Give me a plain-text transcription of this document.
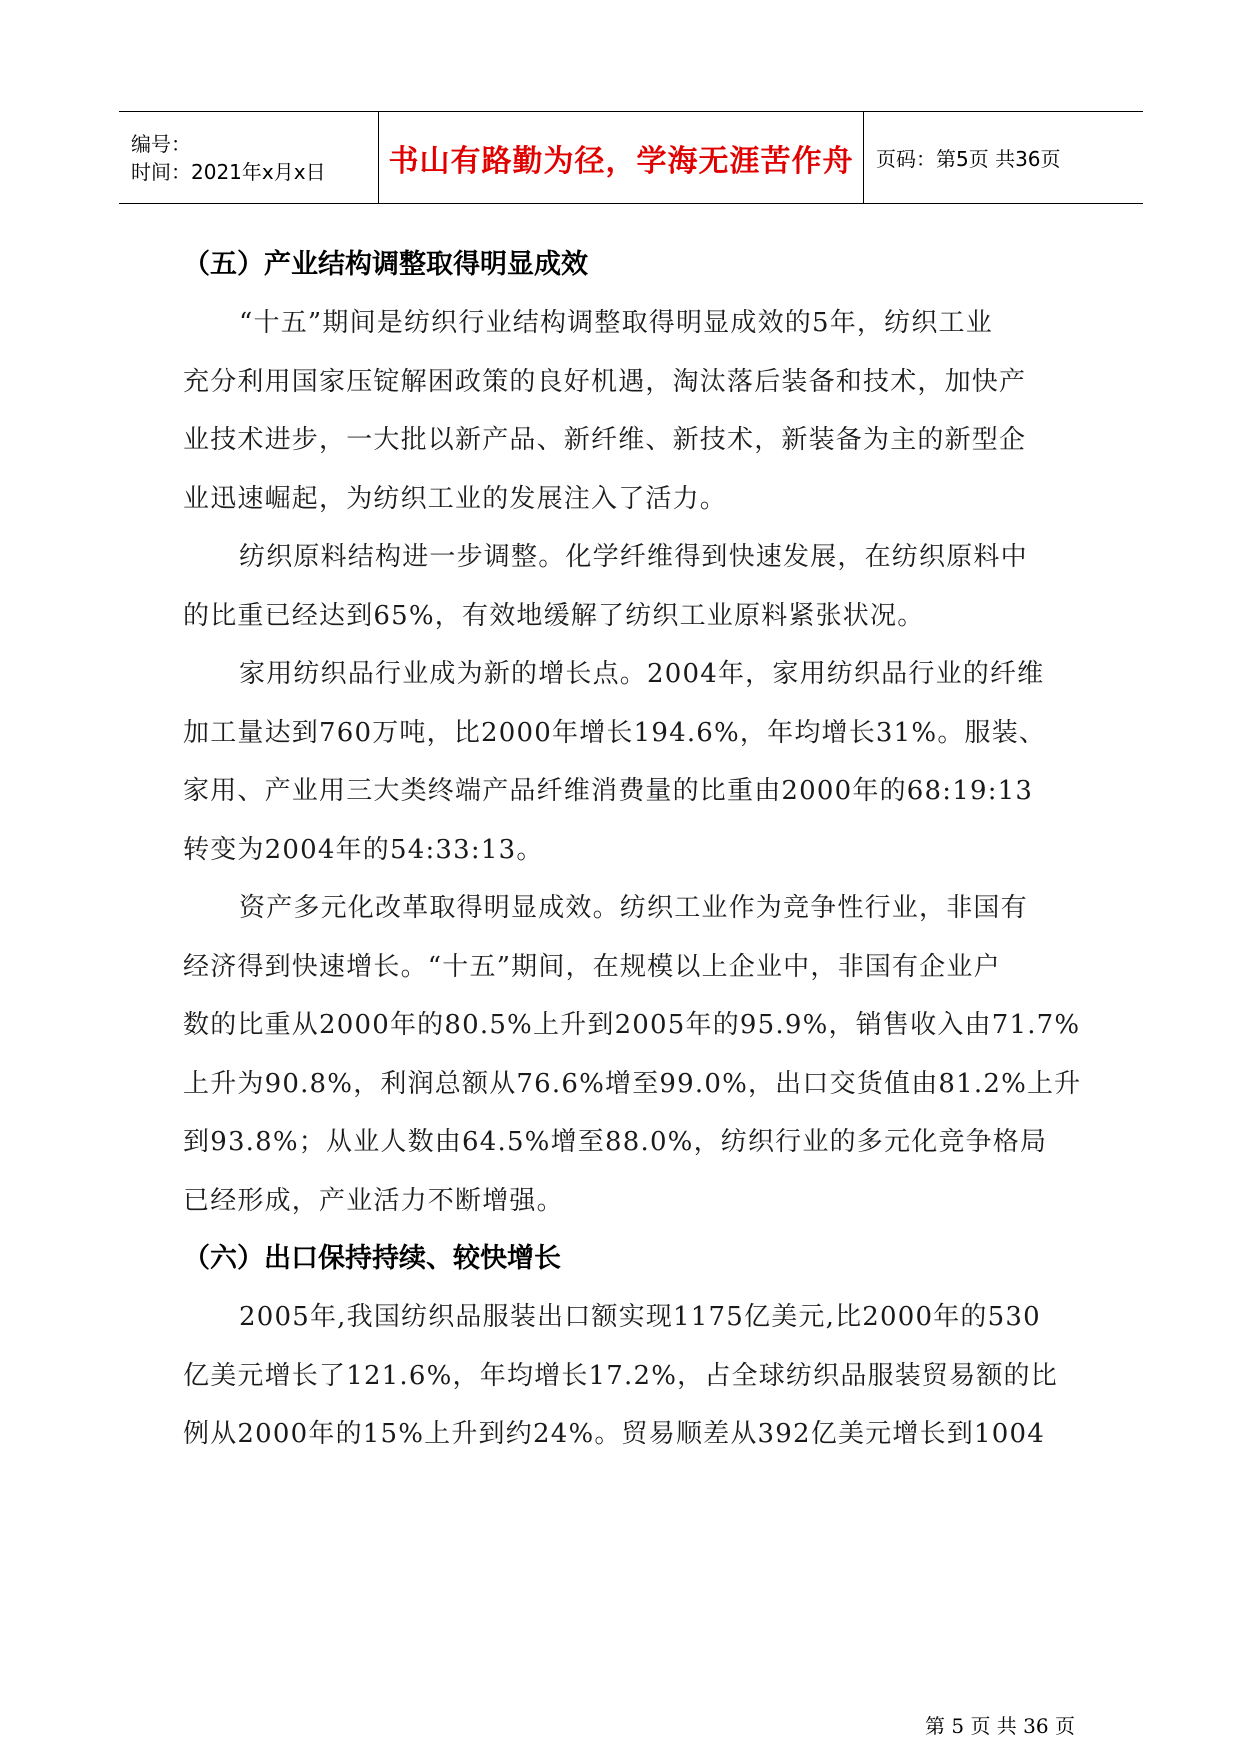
编号：
时间：2021年x月x日	书山有路勤为径，学海无涯苦作舟 页码：第5页 共36页
（五）产业结构调整取得明显成效
“十五”期间是纺织行业结构调整取得明显成效的5年，纺织工业
充分利用国家压锭解困政策的良好机遇，淘汰落后装备和技术，加快产
业技术进步，一大批以新产品、新纤维、新技术，新装备为主的新型企
业迅速崛起，为纺织工业的发展注入了活力。
纺织原料结构进一步调整。化学纤维得到快速发展，在纺织原料中
的比重已经达到65%，有效地缓解了纺织工业原料紧张状况。
家用纺织品行业成为新的增长点。2004年，家用纺织品行业的纤维
加工量达到760万吨，比2000年增长194.6%，年均增长31%。服装、
家用、产业用三大类终端产品纤维消费量的比重由2000年的68:19:13
转变为2004年的54:33:13。
资产多元化改革取得明显成效。纺织工业作为竞争性行业，非国有
经济得到快速增长。“十五”期间，在规模以上企业中，非国有企业户
数的比重从2000年的80.5%上升到2005年的95.9%，销售收入由71.7%
上升为90.8%，利润总额从76.6%增至99.0%，出口交货值由81.2%上升
到93.8%；从业人数由64.5%增至88.0%，纺织行业的多元化竞争格局
已经形成，产业活力不断增强。
（六）出口保持持续、较快增长
2005年,我国纺织品服装出口额实现1175亿美元,比2000年的530
亿美元增长了121.6%，年均增长17.2%，占全球纺织品服装贸易额的比
例从2000年的15%上升到约24%。贸易顺差从392亿美元增长到1004
第 5 页 共 36 页
